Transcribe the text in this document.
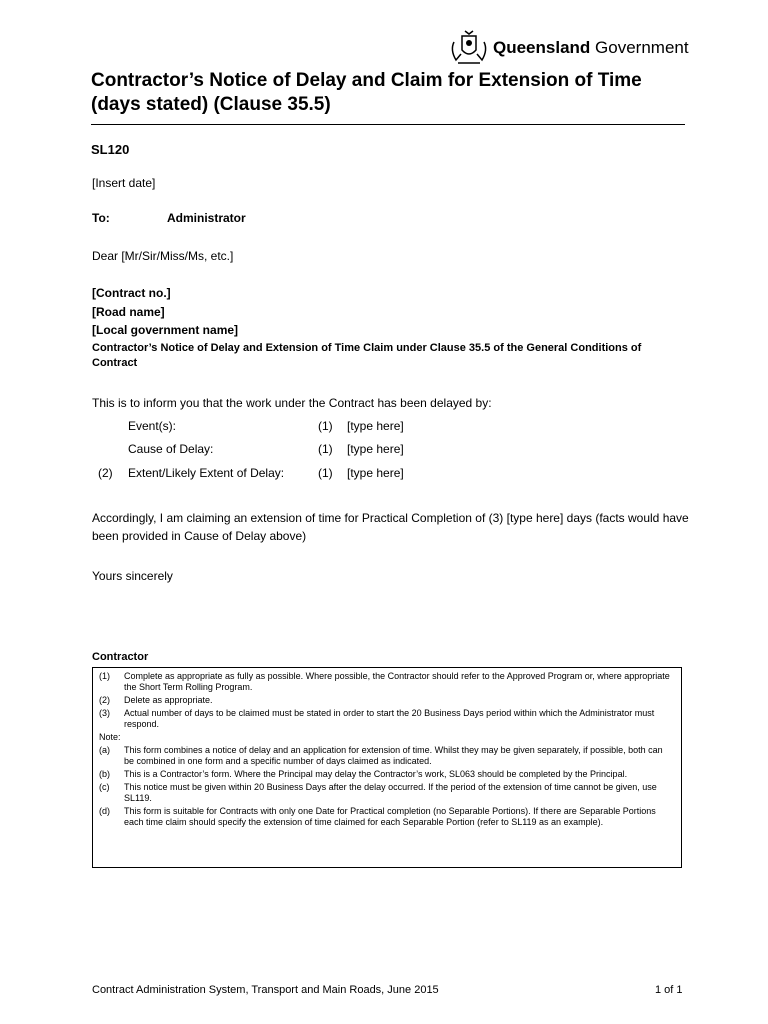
Queensland Government
Contractor’s Notice of Delay and Claim for Extension of Time (days stated) (Clause 35.5)
SL120
[Insert date]
To:	Administrator
Dear [Mr/Sir/Miss/Ms, etc.]
[Contract no.]
[Road name]
[Local government name]
Contractor’s Notice of Delay and Extension of Time Claim under Clause 35.5 of the General Conditions of Contract
This is to inform you that the work under the Contract has been delayed by:
Event(s):	(1) [type here]
Cause of Delay:	(1) [type here]
(2) Extent/Likely Extent of Delay:	(1) [type here]
Accordingly, I am claiming an extension of time for Practical Completion of (3) [type here] days (facts would have been provided in Cause of Delay above)
Yours sincerely
Contractor
(1)	Complete as appropriate as fully as possible. Where possible, the Contractor should refer to the Approved Program or, where appropriate the Short Term Rolling Program.
(2)	Delete as appropriate.
(3)	Actual number of days to be claimed must be stated in order to start the 20 Business Days period within which the Administrator must respond.
Note:
(a)	This form combines a notice of delay and an application for extension of time. Whilst they may be given separately, if possible, both can be combined in one form and a specific number of days claimed as indicated.
(b)	This is a Contractor’s form. Where the Principal may delay the Contractor’s work, SL063 should be completed by the Principal.
(c)	This notice must be given within 20 Business Days after the delay occurred. If the period of the extension of time cannot be given, use SL119.
(d)	This form is suitable for Contracts with only one Date for Practical completion (no Separable Portions). If there are Separable Portions each time claim should specify the extension of time claimed for each Separable Portion (refer to SL119 as an example).
Contract Administration System, Transport and Main Roads, June 2015	1 of 1
